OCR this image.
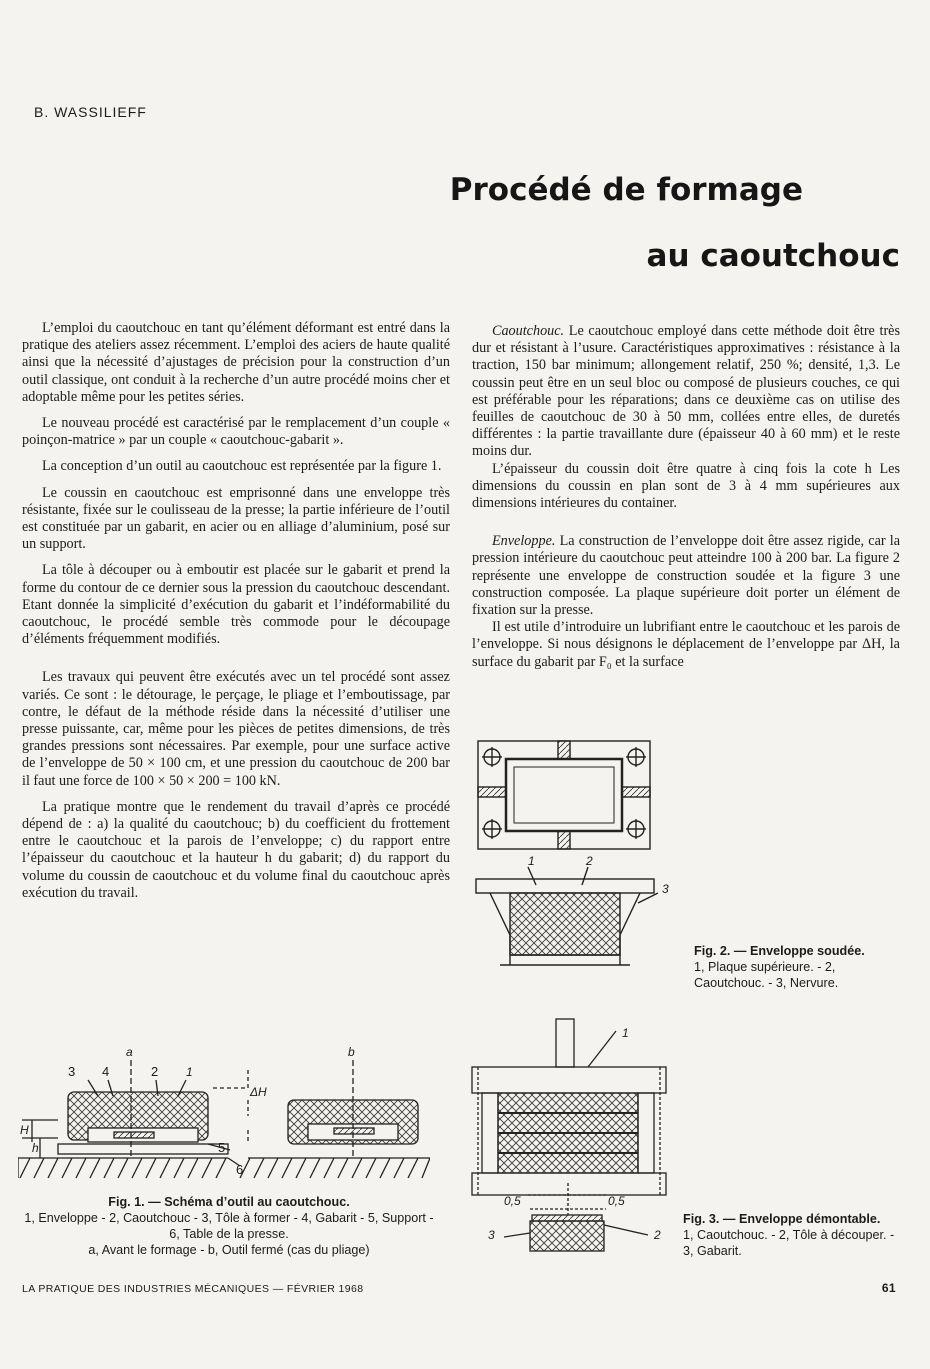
B. WASSILIEFF
Procédé de formage
au caoutchouc

L’emploi du caoutchouc en tant qu’élément déformant est entré dans la pratique des ateliers assez récemment. L’emploi des aciers de haute qualité ainsi que la nécessité d’ajustages de précision pour la construction d’un outil classique, ont conduit à la recherche d’un autre procédé moins cher et adoptable même pour les petites séries.

Le nouveau procédé est caractérisé par le remplacement d’un couple « poinçon-matrice » par un couple « caoutchouc-gabarit ».

La conception d’un outil au caoutchouc est représentée par la figure 1.

Le coussin en caoutchouc est emprisonné dans une enveloppe très résistante, fixée sur le coulisseau de la presse; la partie inférieure de l’outil est constituée par un gabarit, en acier ou en alliage d’aluminium, posé sur un support.

La tôle à découper ou à emboutir est placée sur le gabarit et prend la forme du contour de ce dernier sous la pression du caoutchouc descendant. Etant donnée la simplicité d’exécution du gabarit et l’indéformabilité du caoutchouc, le procédé semble très commode pour le découpage d’éléments fréquemment modifiés.

Les travaux qui peuvent être exécutés avec un tel procédé sont assez variés. Ce sont : le détourage, le perçage, le pliage et l’emboutissage, par contre, le défaut de la méthode réside dans la nécessité d’utiliser une presse puissante, car, même pour les pièces de petites dimensions, de très grandes pressions sont nécessaires. Par exemple, pour une surface active de l’enveloppe de 50 × 100 cm, et une pression du caoutchouc de 200 bar il faut une force de 100 × 50 × 200 = 100 kN.

La pratique montre que le rendement du travail d’après ce procédé dépend de : a) la qualité du caoutchouc; b) du coefficient du frottement entre le caoutchouc et la parois de l’enveloppe; c) du rapport entre l’épaisseur du caoutchouc et la hauteur h du gabarit; d) du rapport du volume du coussin de caoutchouc et du volume final du caoutchouc après exécution du travail.

Caoutchouc. Le caoutchouc employé dans cette méthode doit être très dur et résistant à l’usure. Caractéristiques approximatives : résistance à la traction, 150 bar minimum; allongement relatif, 250 %; densité, 1,3. Le coussin peut être en un seul bloc ou composé de plusieurs couches, ce qui est préférable pour les réparations; dans ce deuxième cas on utilise des feuilles de caoutchouc de 30 à 50 mm, collées entre elles, de duretés différentes : la partie travaillante dure (épaisseur 40 à 60 mm) et le reste moins dur.

L’épaisseur du coussin doit être quatre à cinq fois la cote h Les dimensions du coussin en plan sont de 3 à 4 mm supérieures aux dimensions intérieures du container.

Enveloppe. La construction de l’enveloppe doit être assez rigide, car la pression intérieure du caoutchouc peut atteindre 100 à 200 bar. La figure 2 représente une enveloppe de construction soudée et la figure 3 une construction composée. La plaque supérieure doit porter un élément de fixation sur la presse.

Il est utile d’introduire un lubrifiant entre le caoutchouc et les parois de l’enveloppe. Si nous désignons le déplacement de l’enveloppe par ΔH, la surface du gabarit par F₀ et la surface

1	2
3
Fig. 2. — Enveloppe soudée.
1, Plaque supérieure. - 2, Caoutchouc. - 3, Nervure.
a	b
3 4	2 1
5
6
H
h
ΔH
Fig. 1. — Schéma d’outil au caoutchouc.
1, Enveloppe - 2, Caoutchouc - 3, Tôle à former - 4, Gabarit - 5, Support - 6, Table de la presse.
a, Avant le formage - b, Outil fermé (cas du pliage)
0,5	0,5
1
2
3
Fig. 3. — Enveloppe démontable.
1, Caoutchouc. - 2, Tôle à découper. - 3, Gabarit.
LA PRATIQUE DES INDUSTRIES MÉCANIQUES — FÉVRIER 1968	61
